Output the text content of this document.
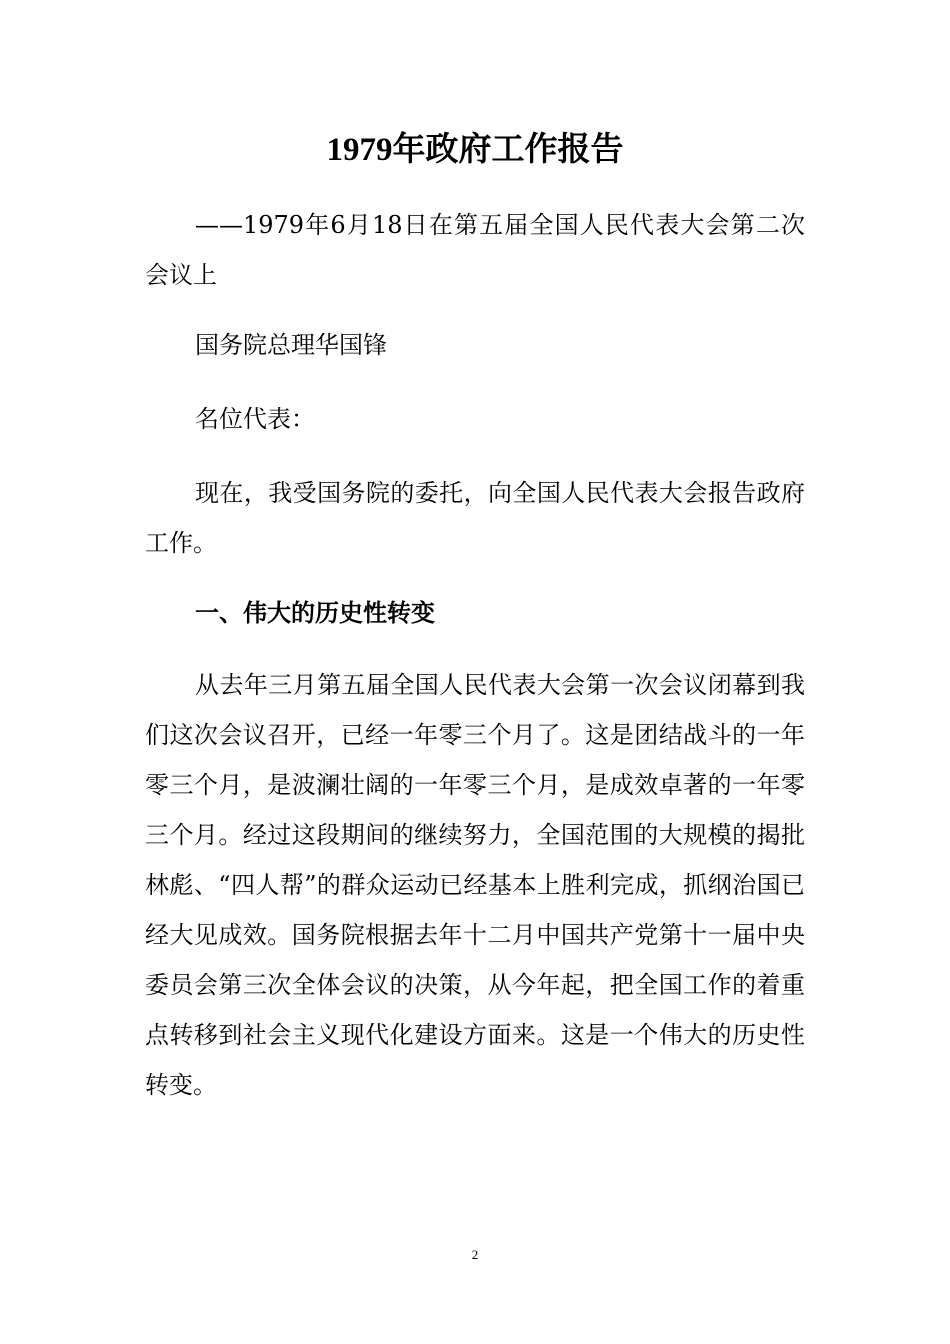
1979年政府工作报告

——1979年6月18日在第五届全国人民代表大会第二次会议上

国务院总理华国锋

名位代表：

现在，我受国务院的委托，向全国人民代表大会报告政府工作。

一、伟大的历史性转变

从去年三月第五届全国人民代表大会第一次会议闭幕到我们这次会议召开，已经一年零三个月了。这是团结战斗的一年零三个月，是波澜壮阔的一年零三个月，是成效卓著的一年零三个月。经过这段期间的继续努力，全国范围的大规模的揭批林彪、“四人帮”的群众运动已经基本上胜利完成，抓纲治国已经大见成效。国务院根据去年十二月中国共产党第十一届中央委员会第三次全体会议的决策，从今年起，把全国工作的着重点转移到社会主义现代化建设方面来。这是一个伟大的历史性转变。

2
